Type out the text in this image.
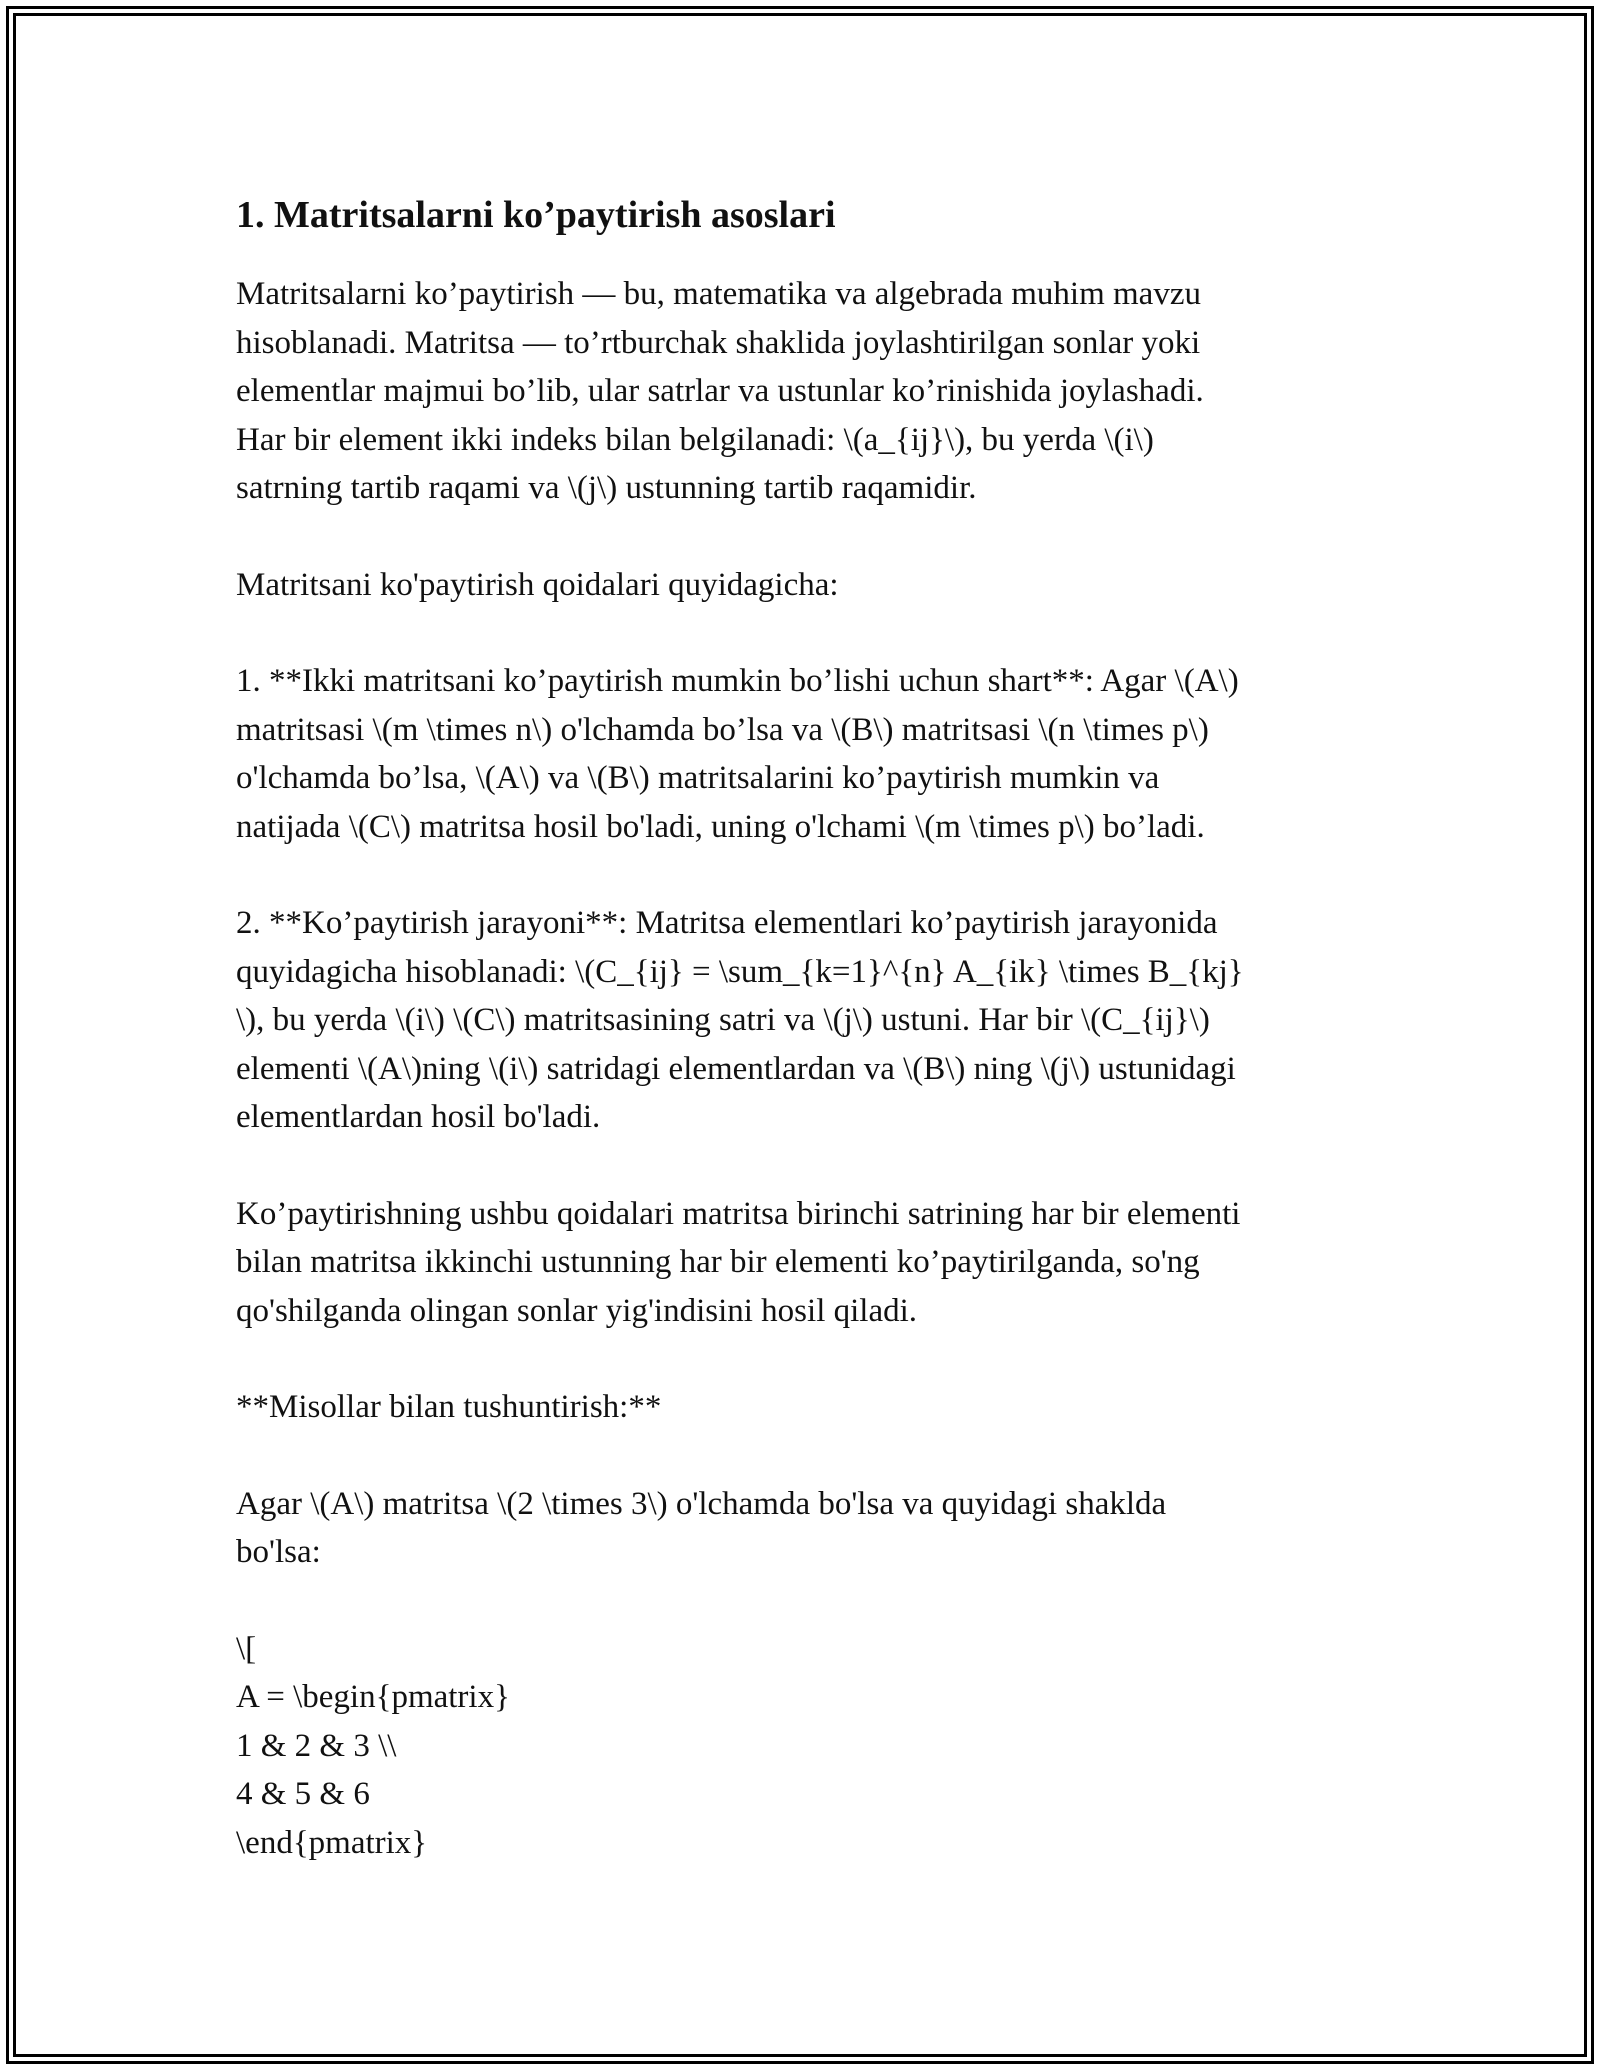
1. Matritsalarni ko’paytirish asoslari

Matritsalarni ko’paytirish — bu, matematika va algebrada muhim mavzu
hisoblanadi. Matritsa — to’rtburchak shaklida joylashtirilgan sonlar yoki
elementlar majmui bo’lib, ular satrlar va ustunlar ko’rinishida joylashadi.
Har bir element ikki indeks bilan belgilanadi: \(a_{ij}\), bu yerda \(i\)
satrning tartib raqami va \(j\) ustunning tartib raqamidir.

Matritsani ko'paytirish qoidalari quyidagicha:

1. **Ikki matritsani ko’paytirish mumkin bo’lishi uchun shart**: Agar \(A\)
matritsasi \(m \times n\) o'lchamda bo’lsa va \(B\) matritsasi \(n \times p\)
o'lchamda bo’lsa, \(A\) va \(B\) matritsalarini ko’paytirish mumkin va
natijada \(C\) matritsa hosil bo'ladi, uning o'lchami \(m \times p\) bo’ladi.

2. **Ko’paytirish jarayoni**: Matritsa elementlari ko’paytirish jarayonida
quyidagicha hisoblanadi: \(C_{ij} = \sum_{k=1}^{n} A_{ik} \times B_{kj}
\), bu yerda \(i\) \(C\) matritsasining satri va \(j\) ustuni. Har bir \(C_{ij}\)
elementi \(A\)ning \(i\) satridagi elementlardan va \(B\) ning \(j\) ustunidagi
elementlardan hosil bo'ladi.

Ko’paytirishning ushbu qoidalari matritsa birinchi satrining har bir elementi
bilan matritsa ikkinchi ustunning har bir elementi ko’paytirilganda, so'ng
qo'shilganda olingan sonlar yig'indisini hosil qiladi.

**Misollar bilan tushuntirish:**

Agar \(A\) matritsa \(2 \times 3\) o'lchamda bo'lsa va quyidagi shaklda
bo'lsa:

\[
A = \begin{pmatrix}
1 & 2 & 3 \\
4 & 5 & 6
\end{pmatrix}
